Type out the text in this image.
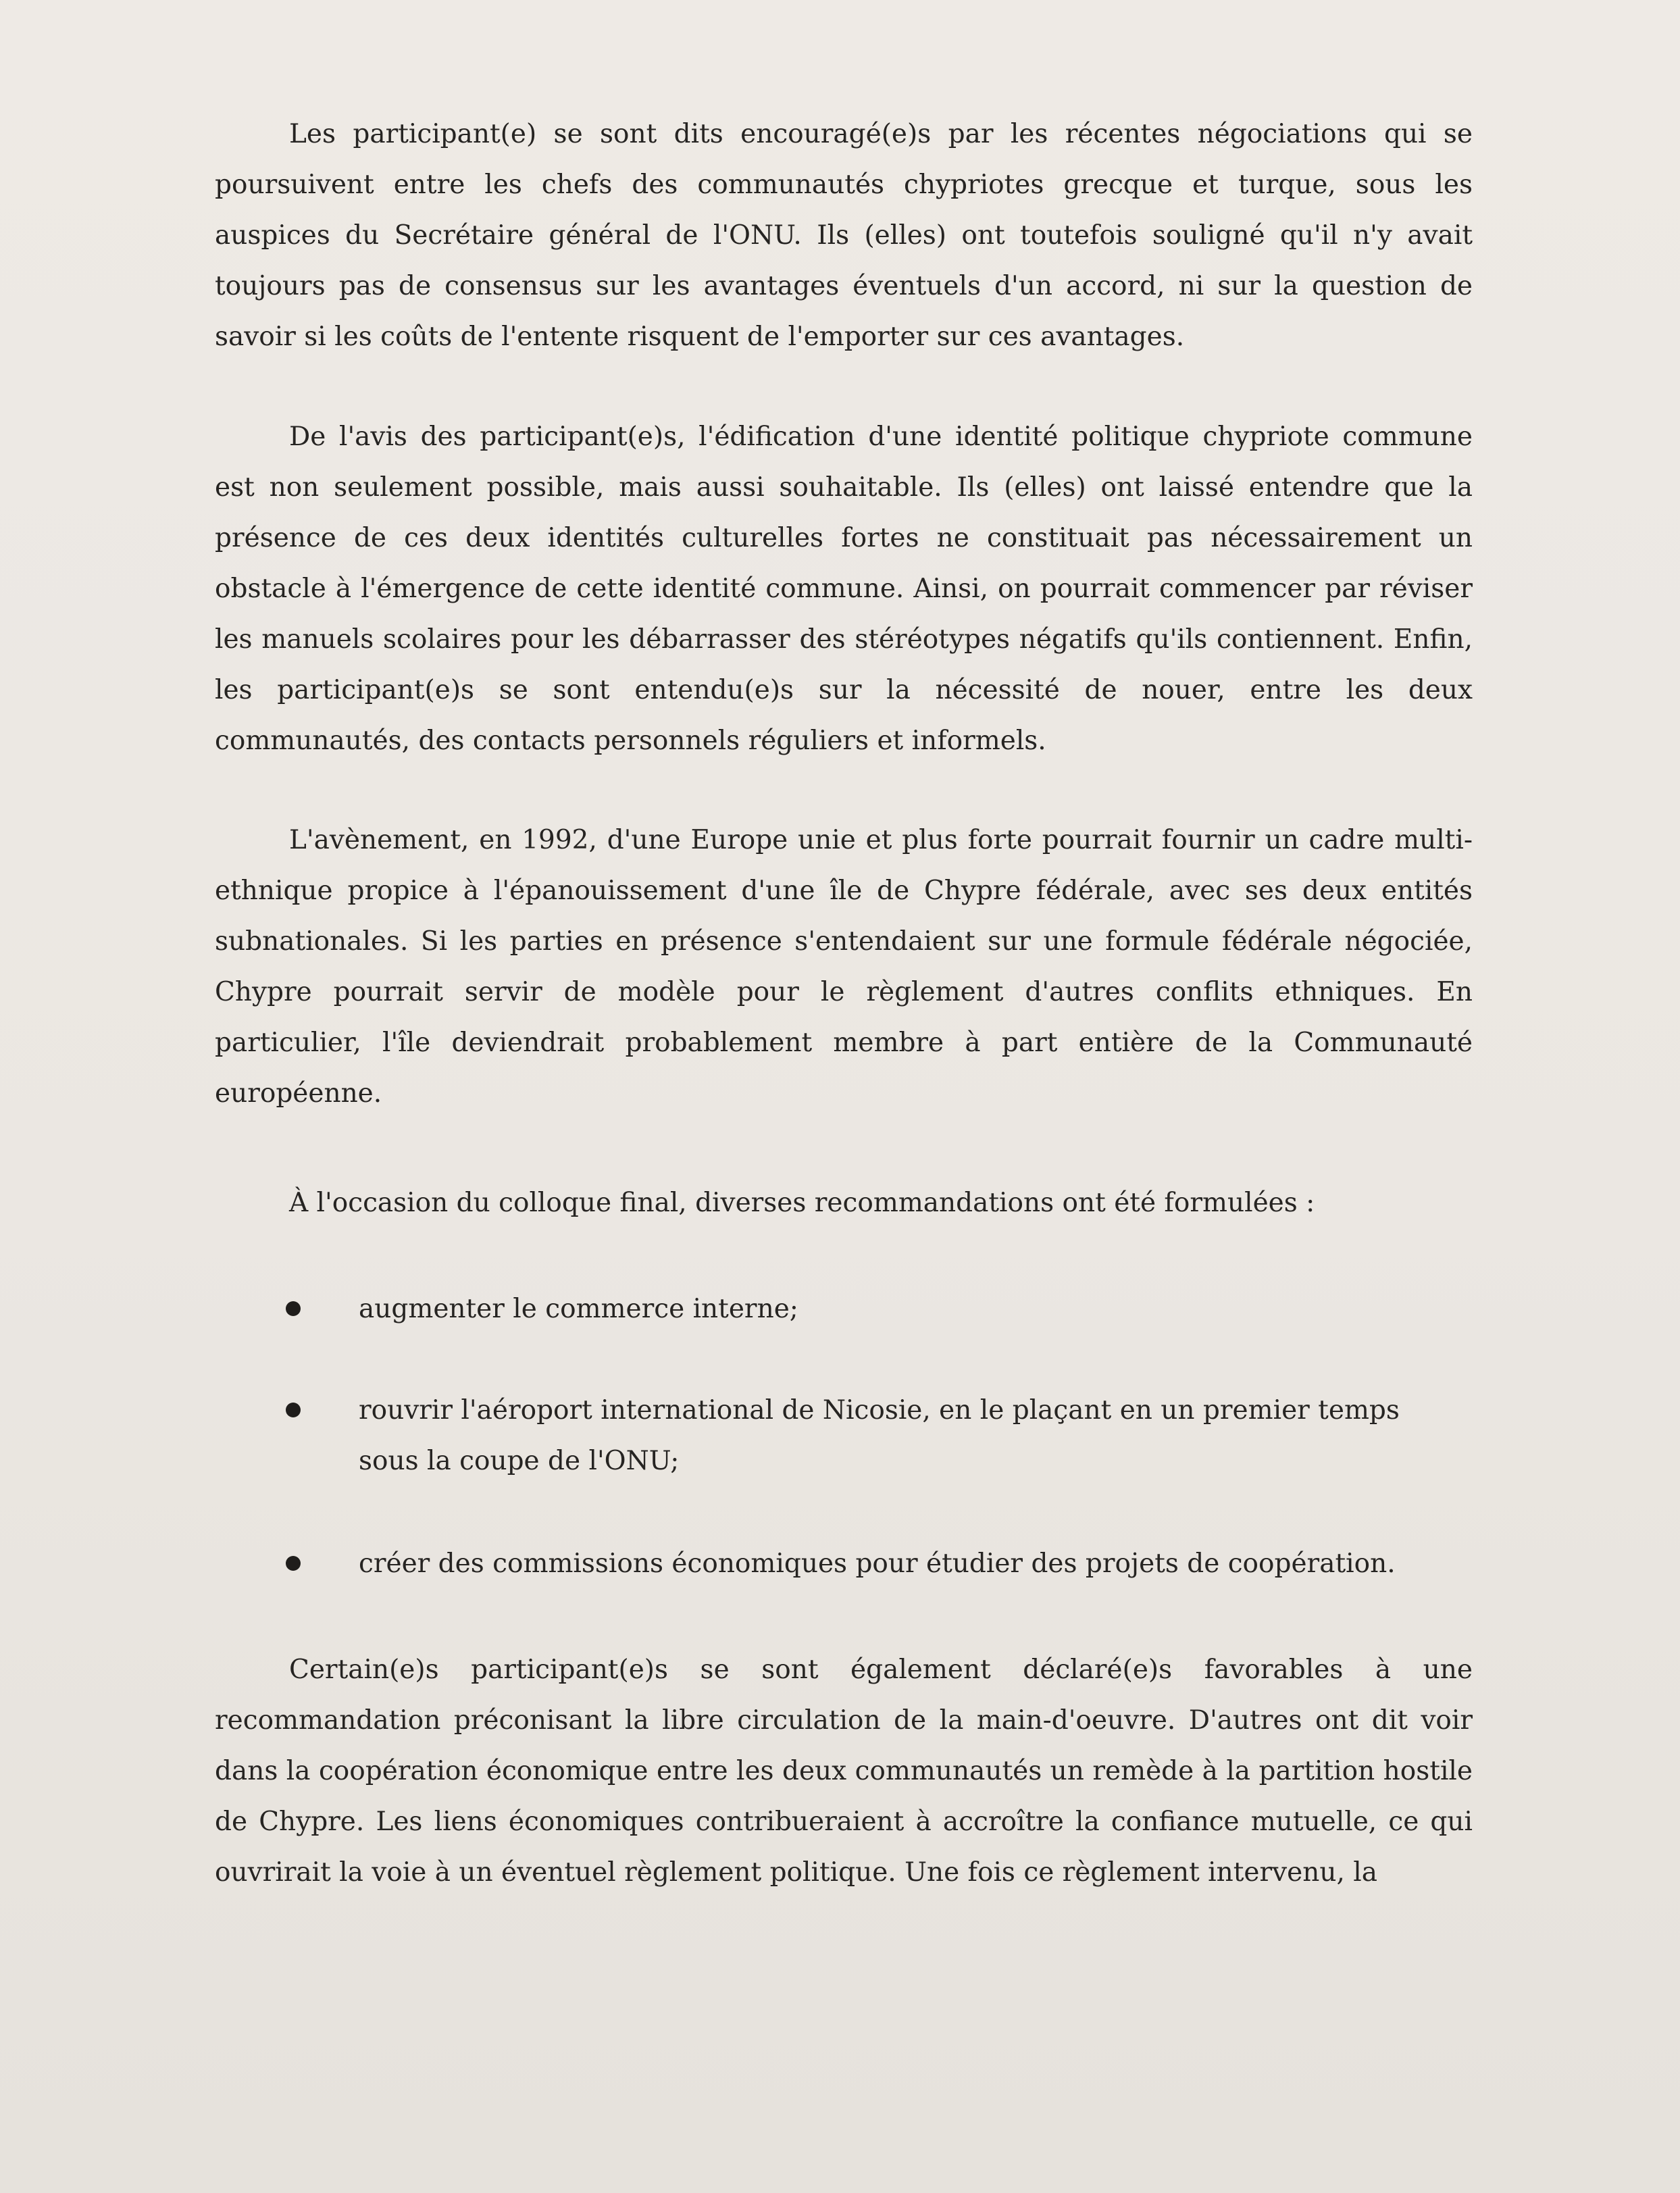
Les participant(e) se sont dits encouragé(e)s par les récentes négociations qui se poursuivent entre les chefs des communautés chypriotes grecque et turque, sous les auspices du Secrétaire général de l'ONU. Ils (elles) ont toutefois souligné qu'il n'y avait toujours pas de consensus sur les avantages éventuels d'un accord, ni sur la question de savoir si les coûts de l'entente risquent de l'emporter sur ces avantages.

De l'avis des participant(e)s, l'édification d'une identité politique chypriote commune est non seulement possible, mais aussi souhaitable. Ils (elles) ont laissé entendre que la présence de ces deux identités culturelles fortes ne constituait pas nécessairement un obstacle à l'émergence de cette identité commune. Ainsi, on pourrait commencer par réviser les manuels scolaires pour les débarrasser des stéréotypes négatifs qu'ils contiennent. Enfin, les participant(e)s se sont entendu(e)s sur la nécessité de nouer, entre les deux communautés, des contacts personnels réguliers et informels.

L'avènement, en 1992, d'une Europe unie et plus forte pourrait fournir un cadre multi-ethnique propice à l'épanouissement d'une île de Chypre fédérale, avec ses deux entités subnationales. Si les parties en présence s'entendaient sur une formule fédérale négociée, Chypre pourrait servir de modèle pour le règlement d'autres conflits ethniques. En particulier, l'île deviendrait probablement membre à part entière de la Communauté européenne.

À l'occasion du colloque final, diverses recommandations ont été formulées :

augmenter le commerce interne;

rouvrir l'aéroport international de Nicosie, en le plaçant en un premier temps sous la coupe de l'ONU;

créer des commissions économiques pour étudier des projets de coopération.

Certain(e)s participant(e)s se sont également déclaré(e)s favorables à une recommandation préconisant la libre circulation de la main-d'oeuvre. D'autres ont dit voir dans la coopération économique entre les deux communautés un remède à la partition hostile de Chypre. Les liens économiques contribueraient à accroître la confiance mutuelle, ce qui ouvrirait la voie à un éventuel règlement politique. Une fois ce règlement intervenu, la
